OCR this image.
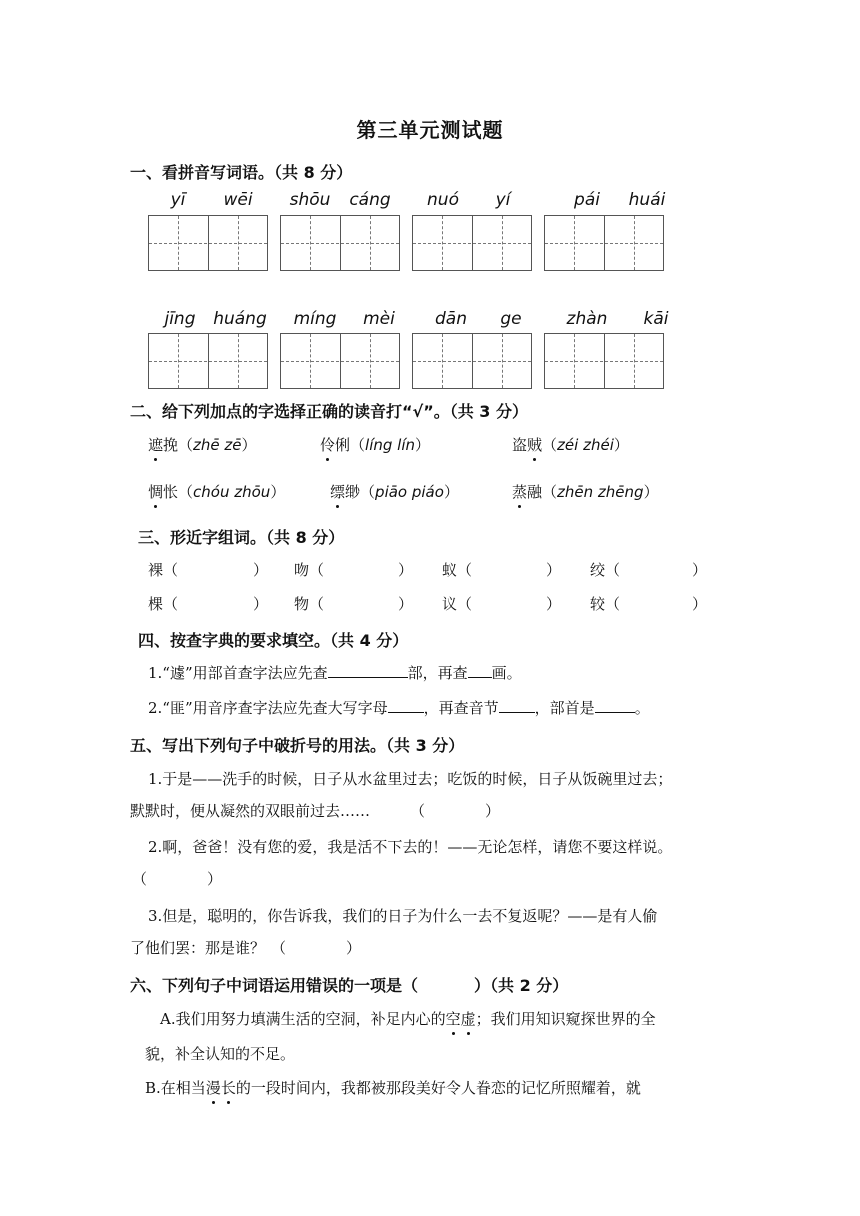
第三单元测试题
一、看拼音写词语。（共 8 分）
yī	wēi	shōu	cáng	nuó	yí	pái	huái
jīng	huáng	míng	mèi	dān	ge	zhàn	kāi
二、给下列加点的字选择正确的读音打“√”。（共 3 分）
遮挽（zhē zē）	伶俐（líng lín）	盗贼（zéi zhéi）
惆怅（chóu zhōu）	缥缈（piāo piáo）	蒸融（zhēn zhēng）
三、形近字组词。（共 8 分）
裸（	） 吻（	） 蚁（	） 绞（	）
棵（	） 物（	） 议（	） 较（	）
四、按查字典的要求填空。（共 4 分）
1.“遽”用部首查字法应先查	部，再查 画。
2.“匪”用音序查字法应先查大写字母 ，再查音节 ，部首是	。
五、写出下列句子中破折号的用法。（共 3 分）
1.于是——洗手的时候，日子从水盆里过去；吃饭的时候，日子从饭碗里过去；
默默时，便从凝然的双眼前过去……	（	）
2.啊，爸爸！没有您的爱，我是活不下去的！——无论怎样，请您不要这样说。
（	）
3.但是，聪明的，你告诉我，我们的日子为什么一去不复返呢？——是有人偷
了他们罢：那是谁？ （	）
六、下列句子中词语运用错误的一项是（	）（共 2 分）
A.我们用努力填满生活的空洞，补足内心的空虚；我们用知识窥探世界的全
貌，补全认知的不足。
B.在相当漫长的一段时间内，我都被那段美好令人眷恋的记忆所照耀着，就
